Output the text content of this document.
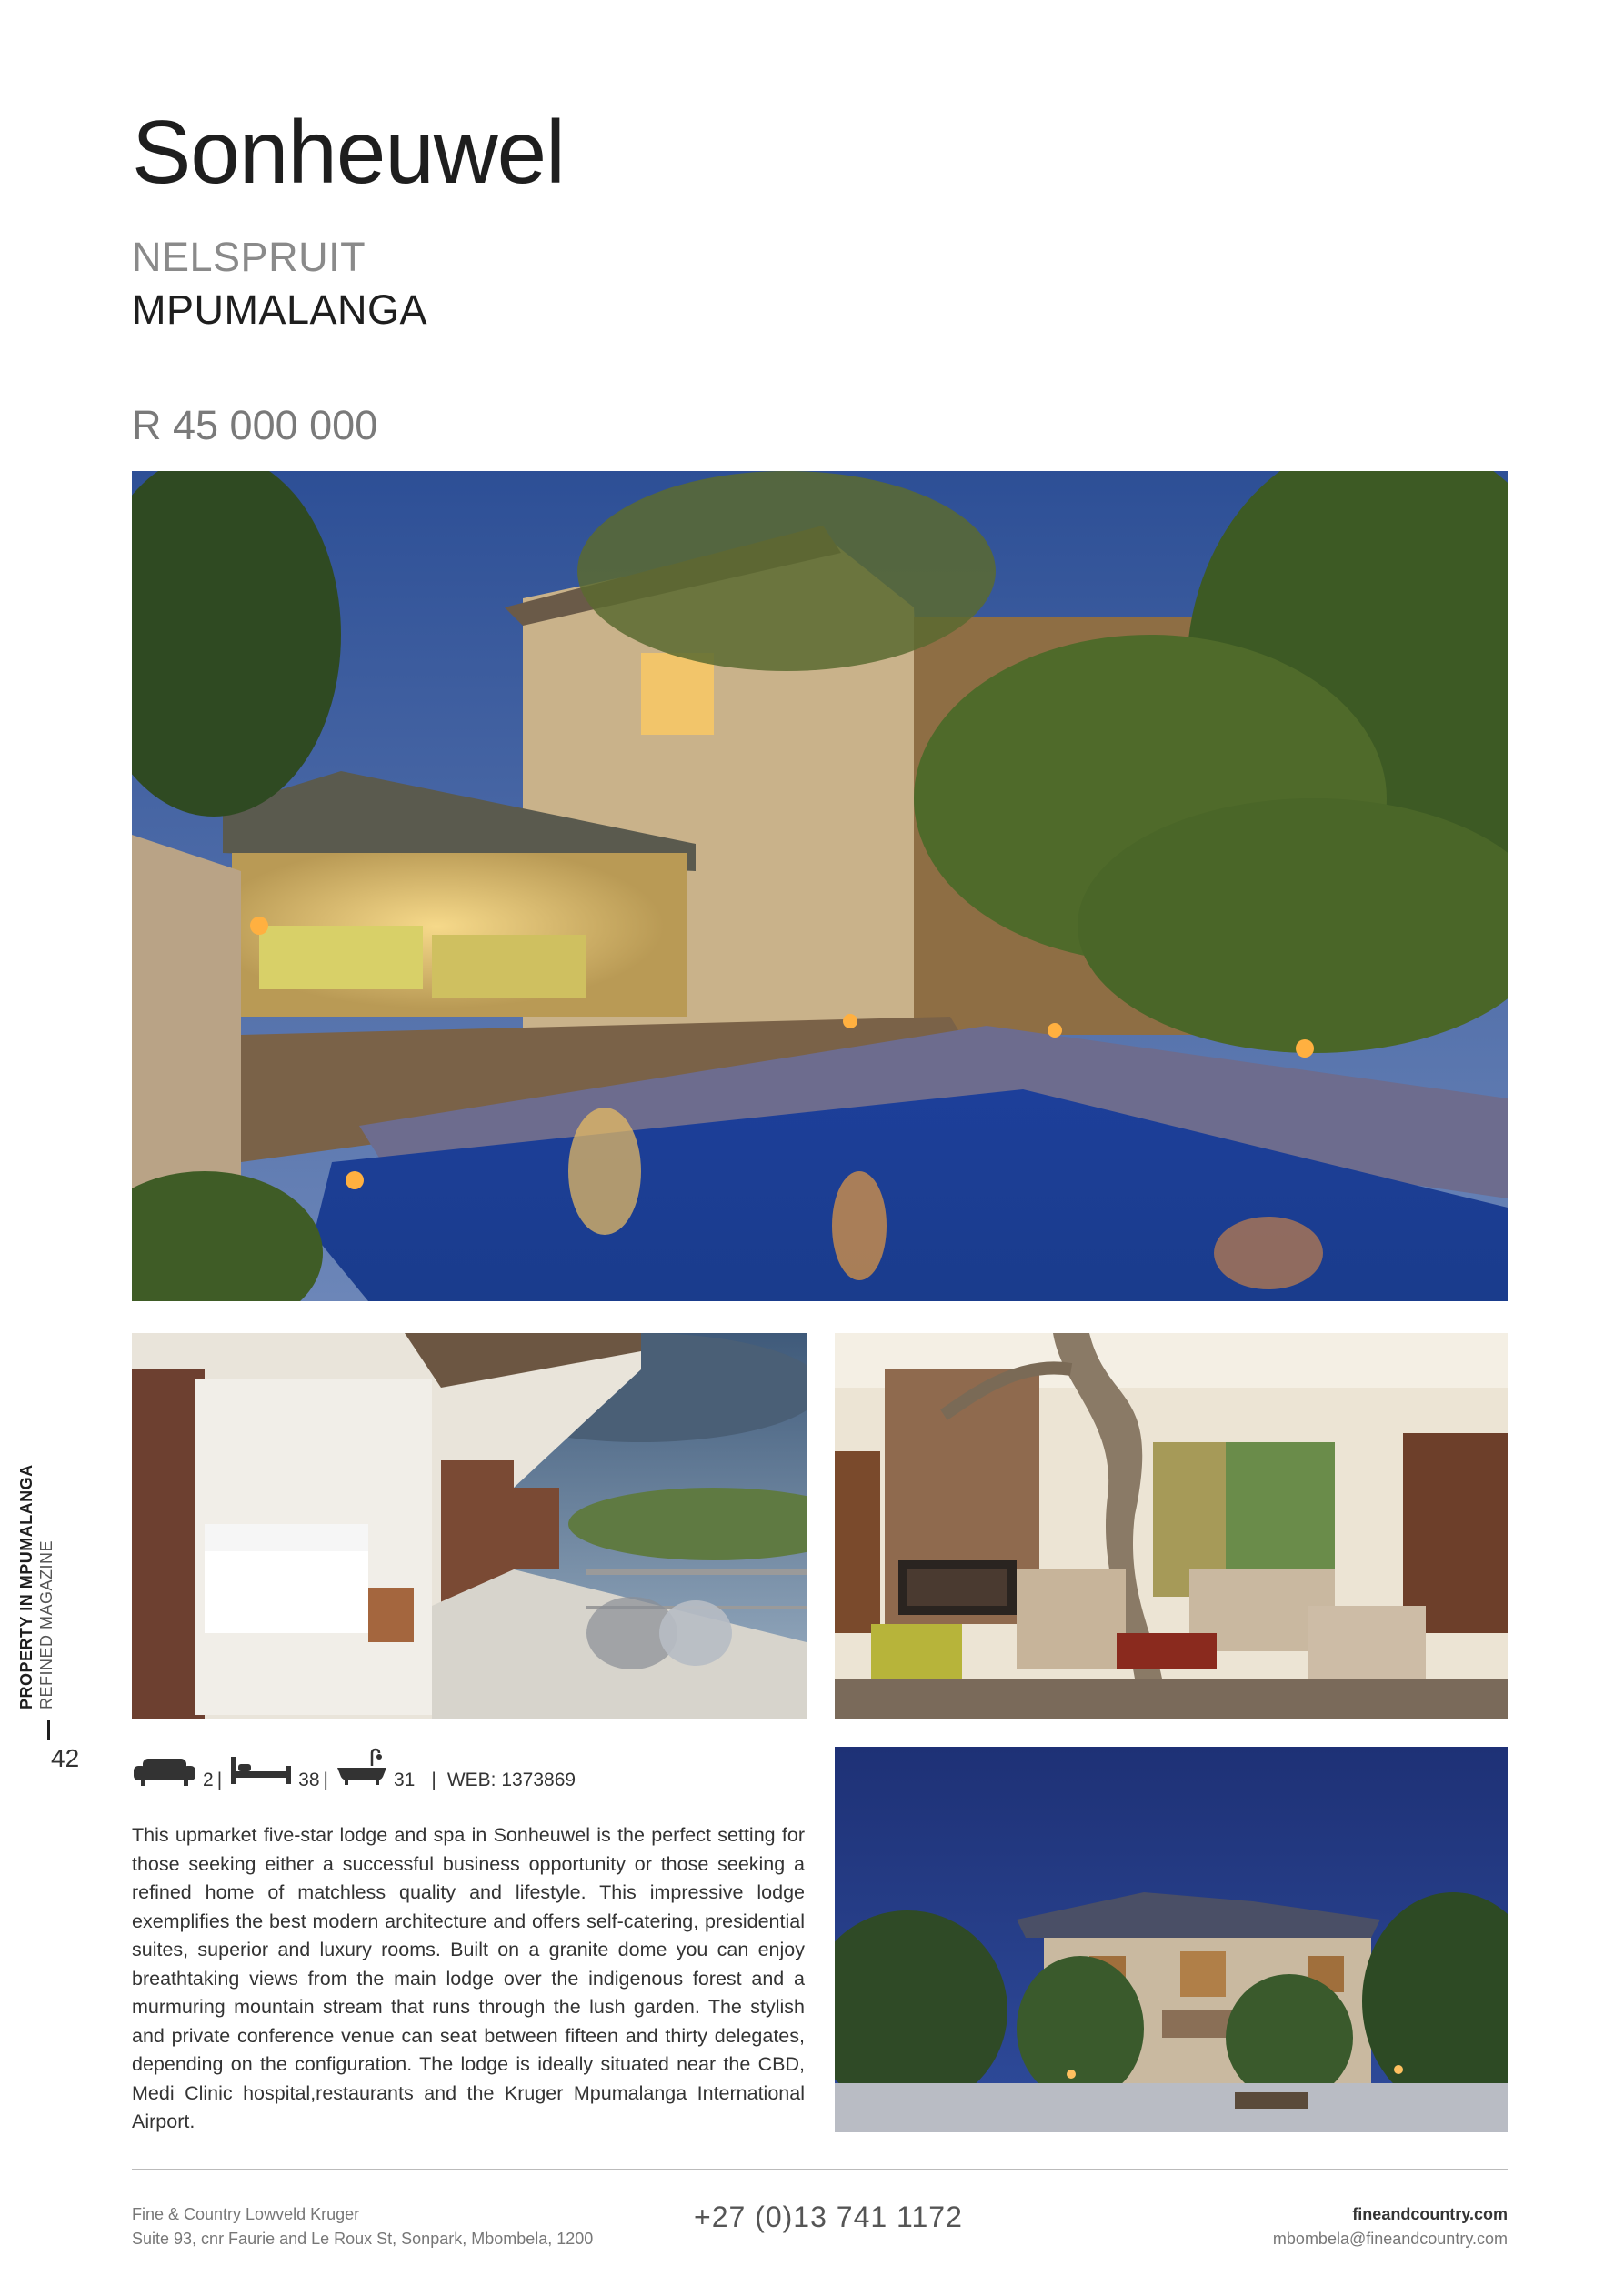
Sonheuwel
NELSPRUIT
MPUMALANGA
R 45 000 000
PROPERTY IN MPUMALANGA REFINED MAGAZINE
42
2 |	38 |	31 | WEB: 1373869
This upmarket five-star lodge and spa in Sonheuwel is the perfect setting for those seeking either a successful business opportunity or those seeking a refined home of matchless quality and lifestyle. This impressive lodge exemplifies the best modern architecture and offers self-catering, presidential suites, superior and luxury rooms. Built on a granite dome you can enjoy breathtaking views from the main lodge over the indigenous forest and a murmuring mountain stream that runs through the lush garden. The stylish and private conference venue can seat between fifteen and thirty delegates, depending on the configuration. The lodge is ideally situated near the CBD, Medi Clinic hospital,restaurants and the Kruger Mpumalanga International Airport.
Fine & Country Lowveld Kruger
Suite 93, cnr Faurie and Le Roux St, Sonpark, Mbombela, 1200
+27 (0)13 741 1172	fineandcountry.com
mbombela@fineandcountry.com
